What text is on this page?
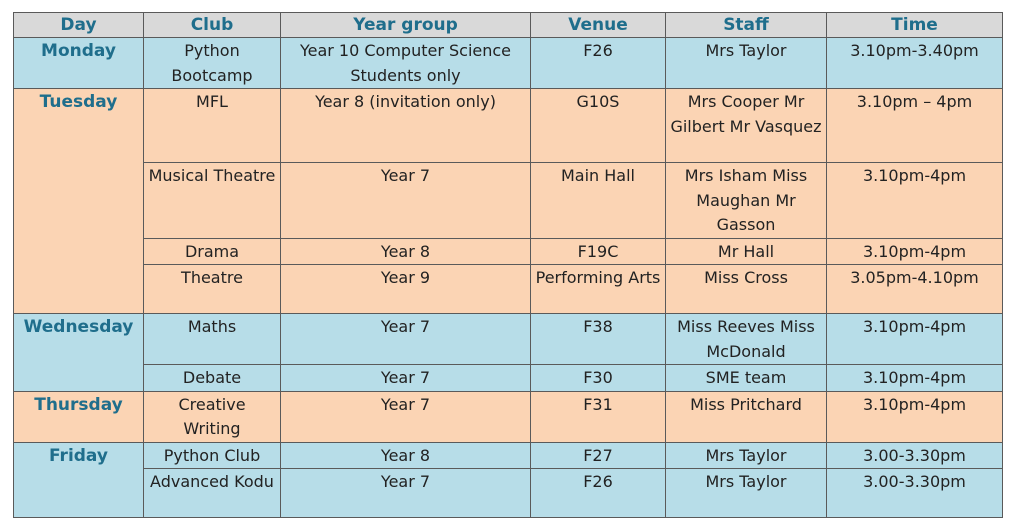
Day	Club	Year group	Venue	Staff	Time
Monday	Python Bootcamp	Year 10 Computer Science Students only	F26	Mrs Taylor	3.10pm-3.40pm
Tuesday	MFL	Year 8 (invitation only)	G10S	Mrs Cooper Mr Gilbert Mr Vasquez	3.10pm – 4pm
	Musical Theatre	Year 7	Main Hall	Mrs Isham Miss Maughan Mr Gasson	3.10pm-4pm
	Drama	Year 8	F19C	Mr Hall	3.10pm-4pm
	Theatre	Year 9	Performing Arts	Miss Cross	3.05pm-4.10pm
Wednesday	Maths	Year 7	F38	Miss Reeves Miss McDonald	3.10pm-4pm
	Debate	Year 7	F30	SME team	3.10pm-4pm
Thursday	Creative Writing	Year 7	F31	Miss Pritchard	3.10pm-4pm
Friday	Python Club	Year 8	F27	Mrs Taylor	3.00-3.30pm
	Advanced Kodu	Year 7	F26	Mrs Taylor	3.00-3.30pm
